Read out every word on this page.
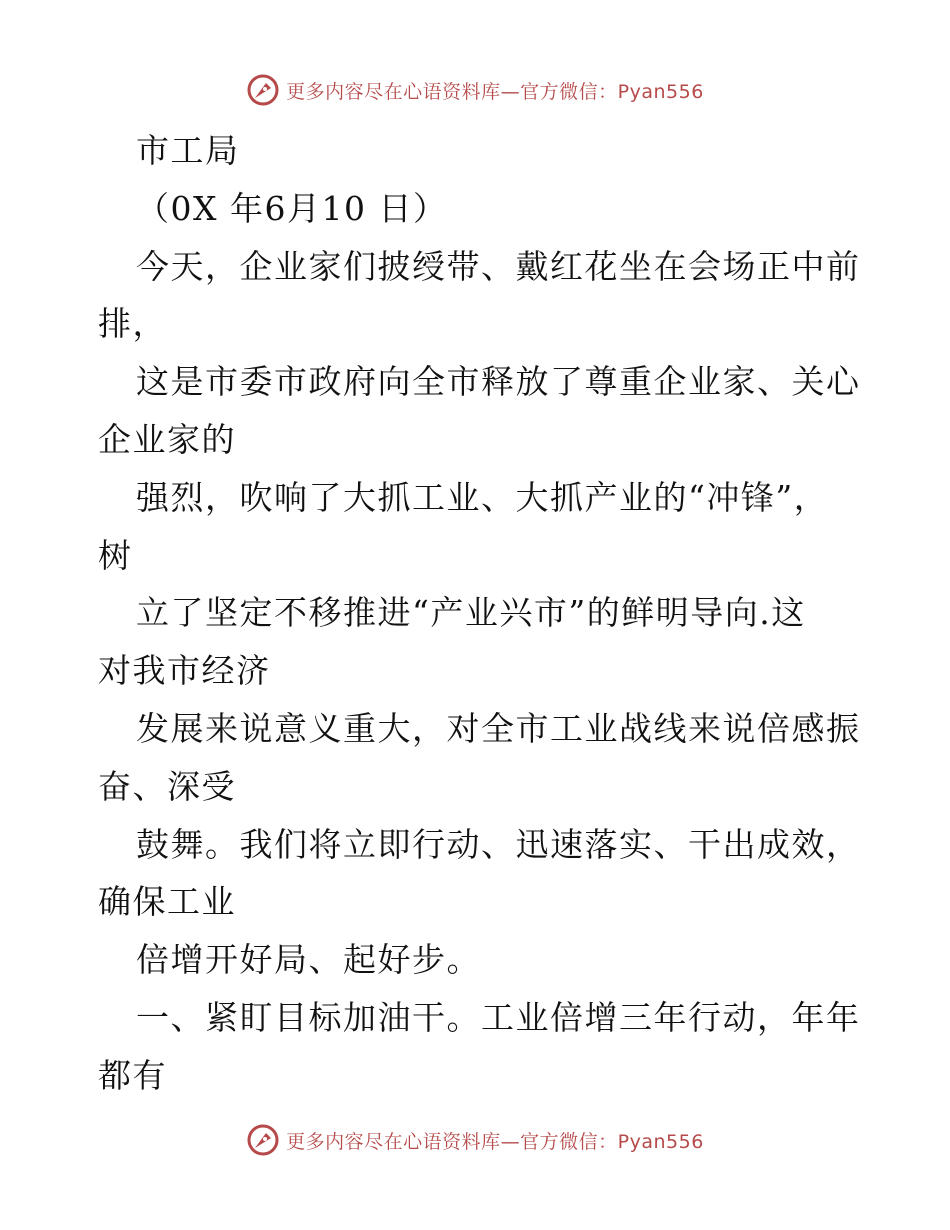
更多内容尽在心语资料库—官方微信：Pyan556
市工局
（0X 年6月10 日）
今天，企业家们披绶带、戴红花坐在会场正中前
排，
这是市委市政府向全市释放了尊重企业家、关心
企业家的
强烈，吹响了大抓工业、大抓产业的“冲锋”，
树
立了坚定不移推进“产业兴市”的鲜明导向.这
对我市经济
发展来说意义重大，对全市工业战线来说倍感振
奋、深受
鼓舞。我们将立即行动、迅速落实、干出成效，
确保工业
倍增开好局、起好步。
一、紧盯目标加油干。工业倍增三年行动，年年
都有
更多内容尽在心语资料库—官方微信：Pyan556
